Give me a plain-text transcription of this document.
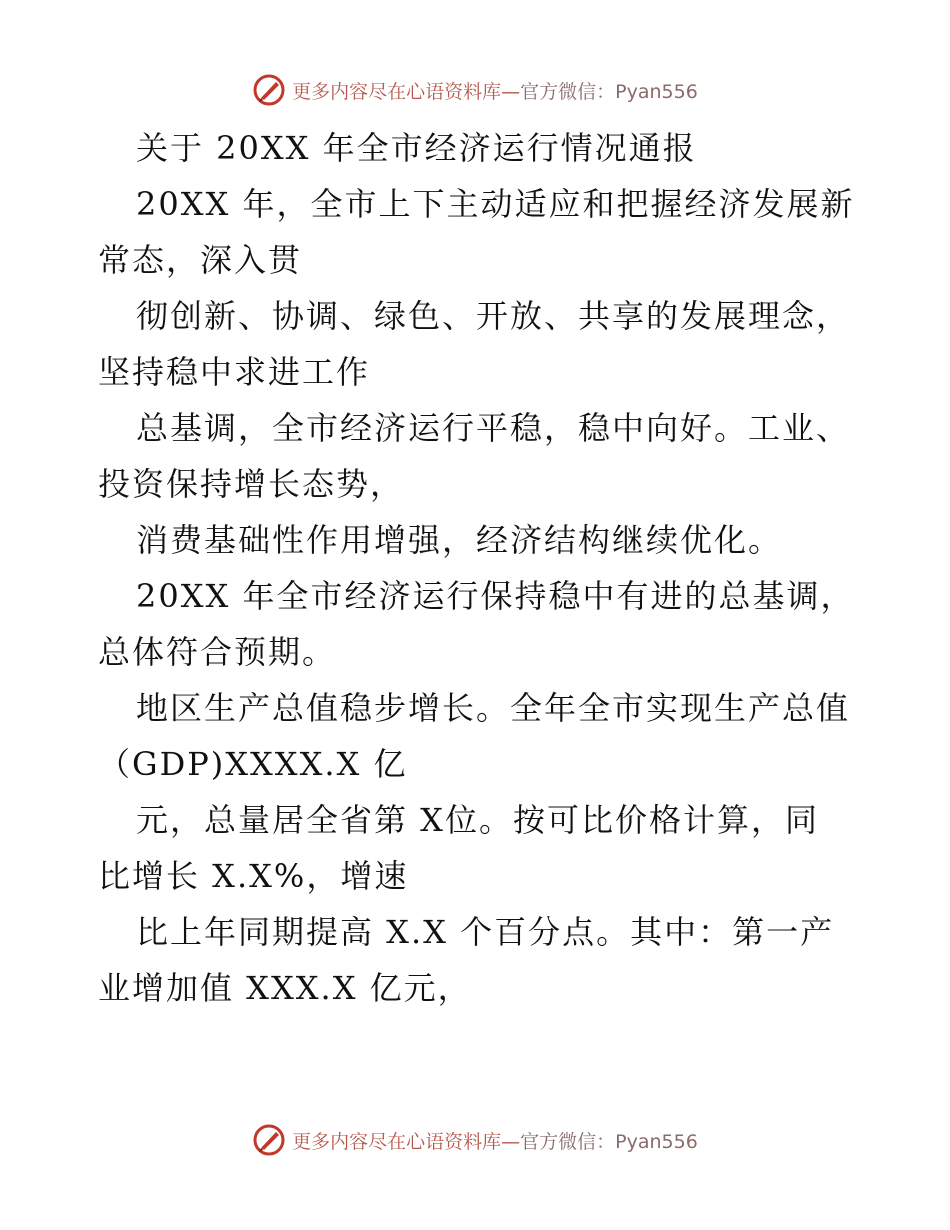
更多内容尽在心语资料库—官方微信：Pyan556
关于 20XX 年全市经济运行情况通报
20XX 年，全市上下主动适应和把握经济发展新
常态，深入贯
彻创新、协调、绿色、开放、共享的发展理念，
坚持稳中求进工作
总基调，全市经济运行平稳，稳中向好。工业、
投资保持增长态势，
消费基础性作用增强，经济结构继续优化。
20XX 年全市经济运行保持稳中有进的总基调，
总体符合预期。
地区生产总值稳步增长。全年全市实现生产总值
（GDP)XXXX.X 亿
元，总量居全省第 X位。按可比价格计算，同
比增长 X.X%，增速
比上年同期提高 X.X 个百分点。其中：第一产
业增加值 XXX.X 亿元，
更多内容尽在心语资料库—官方微信：Pyan556
